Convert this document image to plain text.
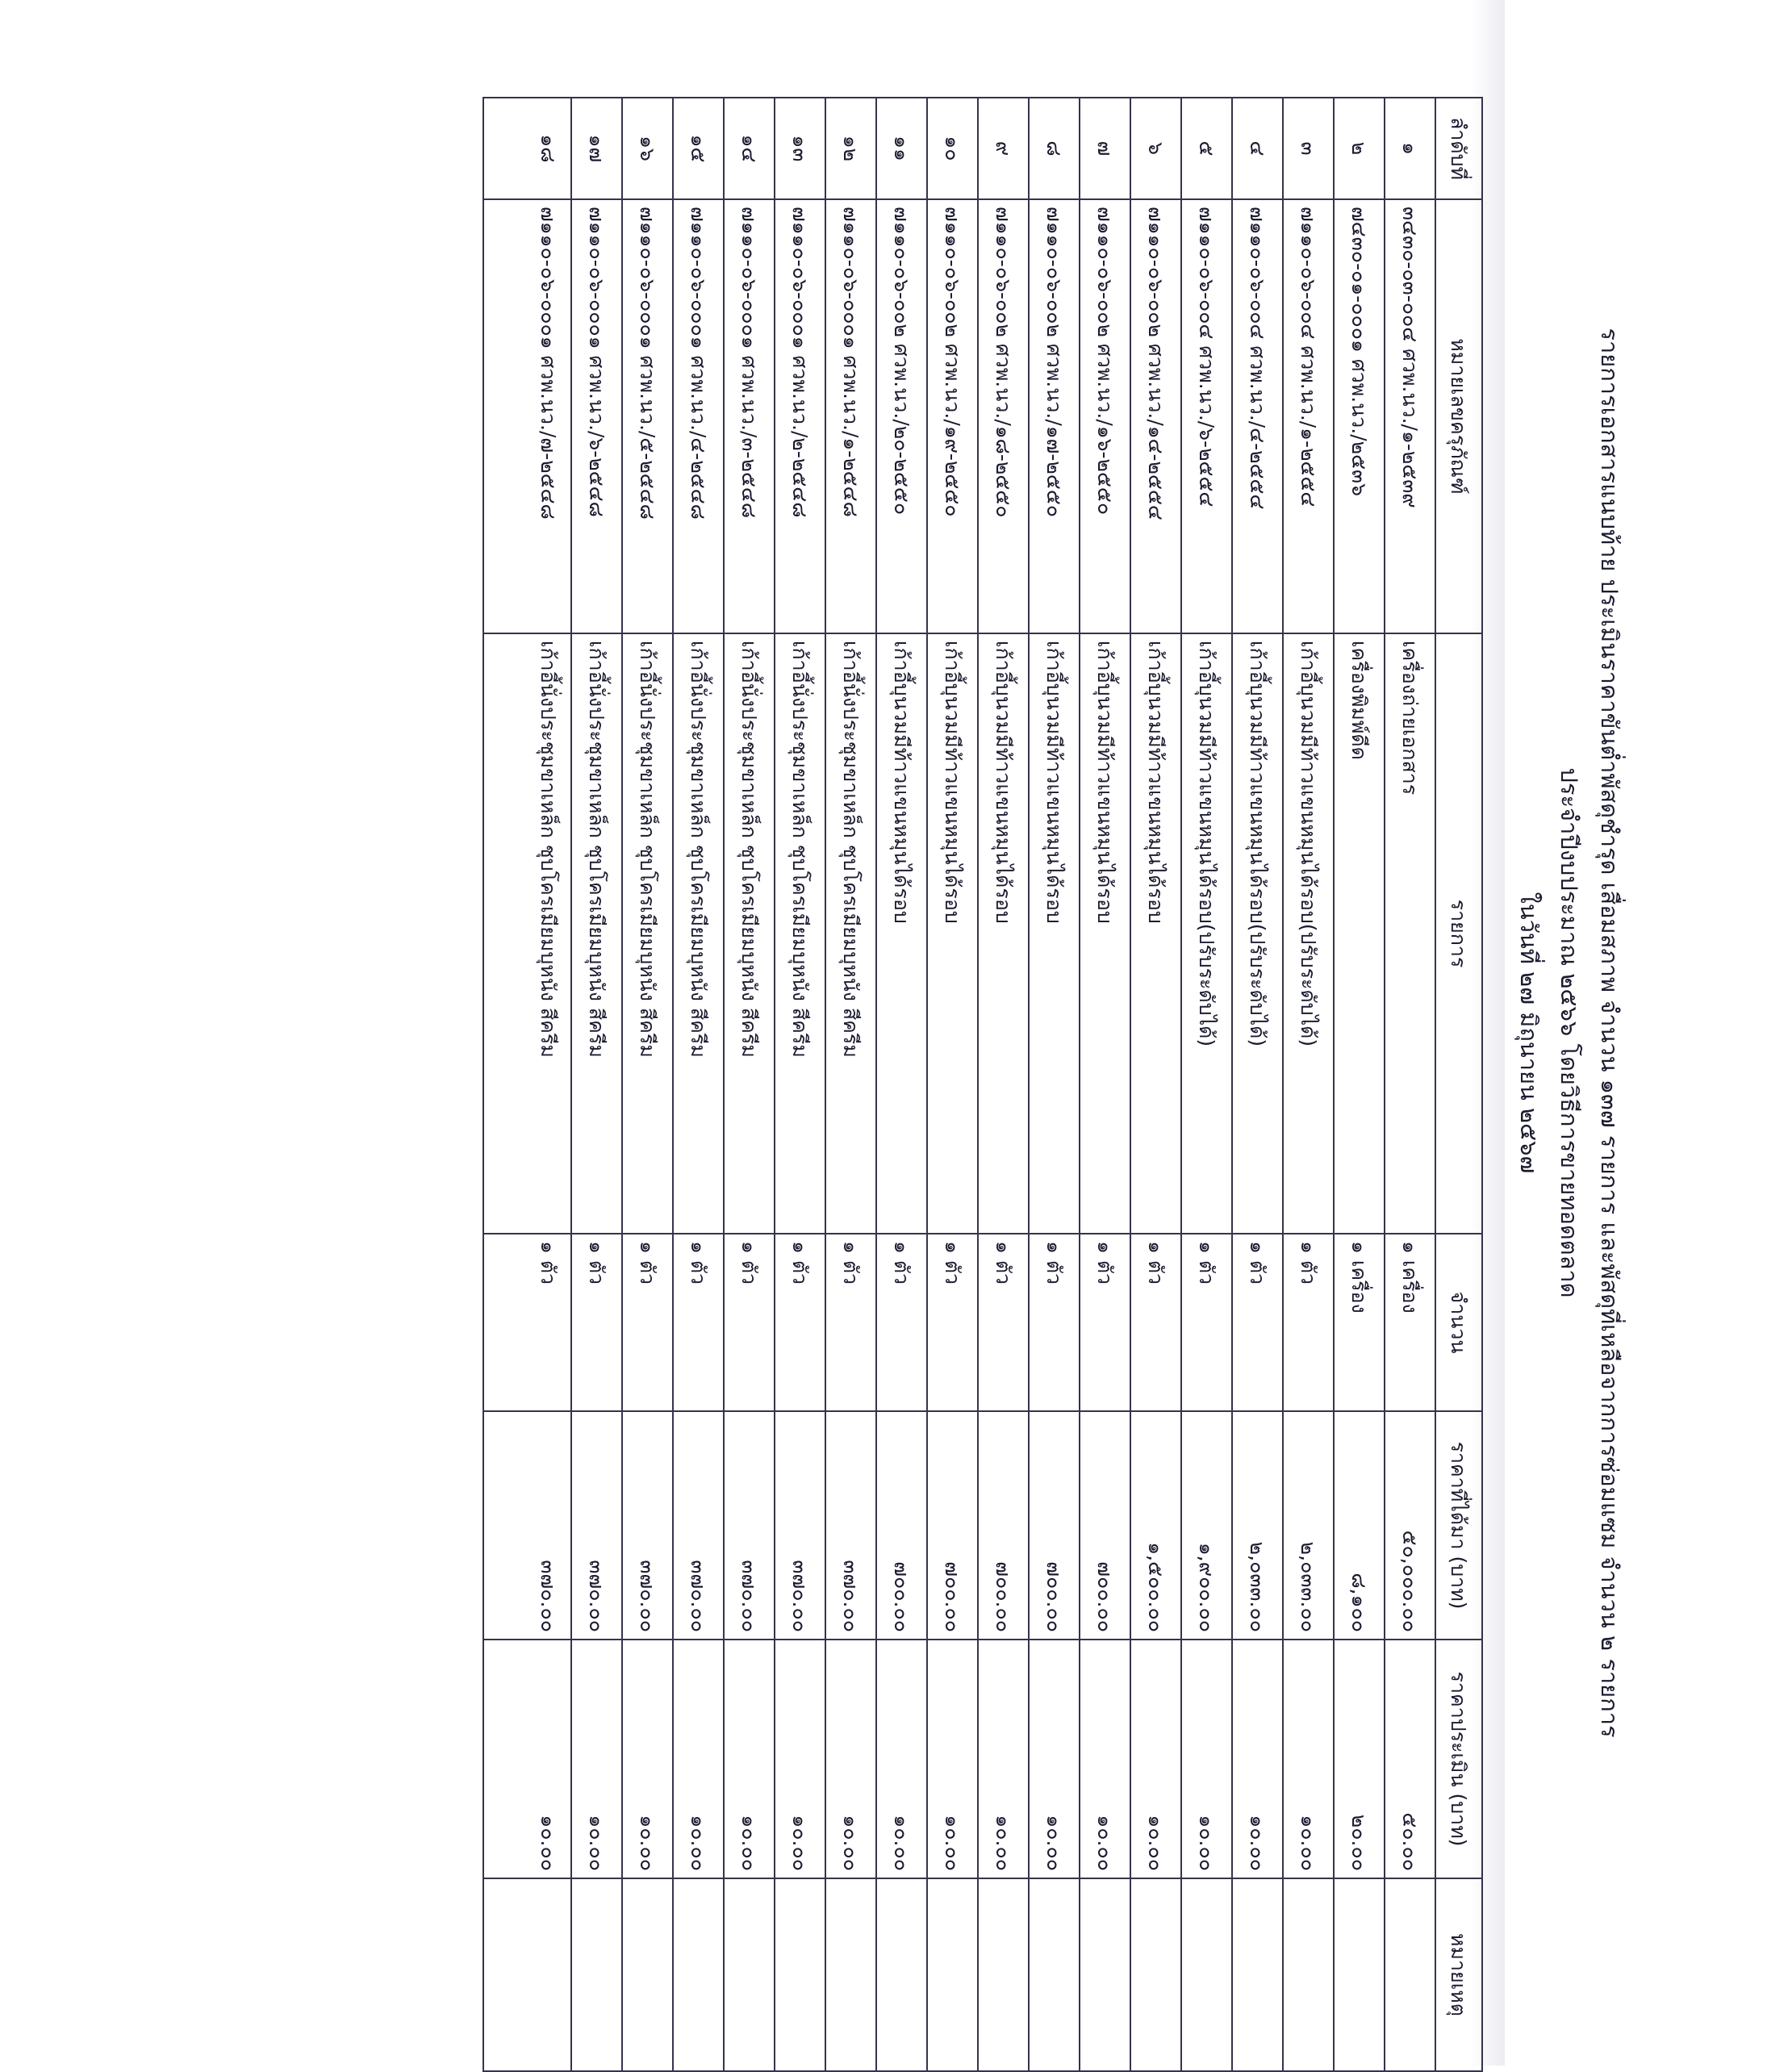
รายการเอกสารแนบท้าย ประเมินราคาขันต่ำพัสดุชำรุด เสื่อมสภาพ จำนวน ๑๓๗ รายการ และพัสดุที่เหลือจากการซ่อมแซม จำนวน ๒ รายการ
ประจำปีงบประมาณ ๒๕๖๖ โดยวิธีการขายทอดตลาด
ในวันที่ ๒๗ มิถุนายน ๒๕๖๗
ลำดับที่	หมายเลขครุภัณฑ์	รายการ	จำนวน	ราคาที่ได้มา (บาท)	ราคาประเมิน (บาท)	หมายเหตุ
๑	๓๔๓๐-๐๓-๐๐๔ ศวพ.นว./๑-๒๕๓๙	เครื่องถ่ายเอกสาร	๑ เครื่อง	๕๐,๐๐๐.๐๐	๕๐.๐๐	
๒	๗๔๓๐-๐๑-๐๐๐๑ ศวพ.นว./๒๕๓๖	เครื่องพิมพ์ดีด	๑ เครื่อง	๘,๑๐๐	๒๐.๐๐	
๓	๗๑๑๐-๐๖-๐๐๔ ศวพ.นว./๑-๒๕๕๔	เก้าอี้บุนวมมีท้าวแขนหมุนได้รอบ(ปรับระดับได้)	๑ ตัว	๒,๐๓๓.๐๐	๑๐.๐๐	
๔	๗๑๑๐-๐๖-๐๐๔ ศวพ.นว./๔-๒๕๕๔	เก้าอี้บุนวมมีท้าวแขนหมุนได้รอบ(ปรับระดับได้)	๑ ตัว	๒,๐๓๓.๐๐	๑๐.๐๐	
๕	๗๑๑๐-๐๖-๐๐๔ ศวพ.นว./๖-๒๕๕๔	เก้าอี้บุนวมมีท้าวแขนหมุนได้รอบ(ปรับระดับได้)	๑ ตัว	๑,๙๐๐.๐๐	๑๐.๐๐	
๖	๗๑๑๐-๐๖-๐๐๒ ศวพ.นว./๑๔-๒๕๕๔	เก้าอี้บุนวมมีท้าวแขนหมุนได้รอบ	๑ ตัว	๑,๕๐๐.๐๐	๑๐.๐๐	
๗	๗๑๑๐-๐๖-๐๐๒ ศวพ.นว./๑๖-๒๕๕๐	เก้าอี้บุนวมมีท้าวแขนหมุนได้รอบ	๑ ตัว	๗๐๐.๐๐	๑๐.๐๐	
๘	๗๑๑๐-๐๖-๐๐๒ ศวพ.นว./๑๗-๒๕๕๐	เก้าอี้บุนวมมีท้าวแขนหมุนได้รอบ	๑ ตัว	๗๐๐.๐๐	๑๐.๐๐	
๙	๗๑๑๐-๐๖-๐๐๒ ศวพ.นว./๑๘-๒๕๕๐	เก้าอี้บุนวมมีท้าวแขนหมุนได้รอบ	๑ ตัว	๗๐๐.๐๐	๑๐.๐๐	
๑๐	๗๑๑๐-๐๖-๐๐๒ ศวพ.นว./๑๙-๒๕๕๐	เก้าอี้บุนวมมีท้าวแขนหมุนได้รอบ	๑ ตัว	๗๐๐.๐๐	๑๐.๐๐	
๑๑	๗๑๑๐-๐๖-๐๐๒ ศวพ.นว./๒๐-๒๕๕๐	เก้าอี้บุนวมมีท้าวแขนหมุนได้รอบ	๑ ตัว	๗๐๐.๐๐	๑๐.๐๐	
๑๒	๗๑๑๐-๐๖-๐๐๐๑ ศวพ.นว./๑-๒๕๔๘	เก้าอี้นั่งประชุมขาเหล็ก ชุบโครเมียมบุหนัง สีครีม	๑ ตัว	๓๗๐.๐๐	๑๐.๐๐	
๑๓	๗๑๑๐-๐๖-๐๐๐๑ ศวพ.นว./๒-๒๕๔๘	เก้าอี้นั่งประชุมขาเหล็ก ชุบโครเมียมบุหนัง สีครีม	๑ ตัว	๓๗๐.๐๐	๑๐.๐๐	
๑๔	๗๑๑๐-๐๖-๐๐๐๑ ศวพ.นว./๓-๒๕๔๘	เก้าอี้นั่งประชุมขาเหล็ก ชุบโครเมียมบุหนัง สีครีม	๑ ตัว	๓๗๐.๐๐	๑๐.๐๐	
๑๕	๗๑๑๐-๐๖-๐๐๐๑ ศวพ.นว./๔-๒๕๔๘	เก้าอี้นั่งประชุมขาเหล็ก ชุบโครเมียมบุหนัง สีครีม	๑ ตัว	๓๗๐.๐๐	๑๐.๐๐	
๑๖	๗๑๑๐-๐๖-๐๐๐๑ ศวพ.นว./๕-๒๕๔๘	เก้าอี้นั่งประชุมขาเหล็ก ชุบโครเมียมบุหนัง สีครีม	๑ ตัว	๓๗๐.๐๐	๑๐.๐๐	
๑๗	๗๑๑๐-๐๖-๐๐๐๑ ศวพ.นว./๖-๒๕๔๘	เก้าอี้นั่งประชุมขาเหล็ก ชุบโครเมียมบุหนัง สีครีม	๑ ตัว	๓๗๐.๐๐	๑๐.๐๐	
๑๘	๗๑๑๐-๐๖-๐๐๐๑ ศวพ.นว./๗-๒๕๔๘	เก้าอี้นั่งประชุมขาเหล็ก ชุบโครเมียมบุหนัง สีครีม	๑ ตัว	๓๗๐.๐๐	๑๐.๐๐	
